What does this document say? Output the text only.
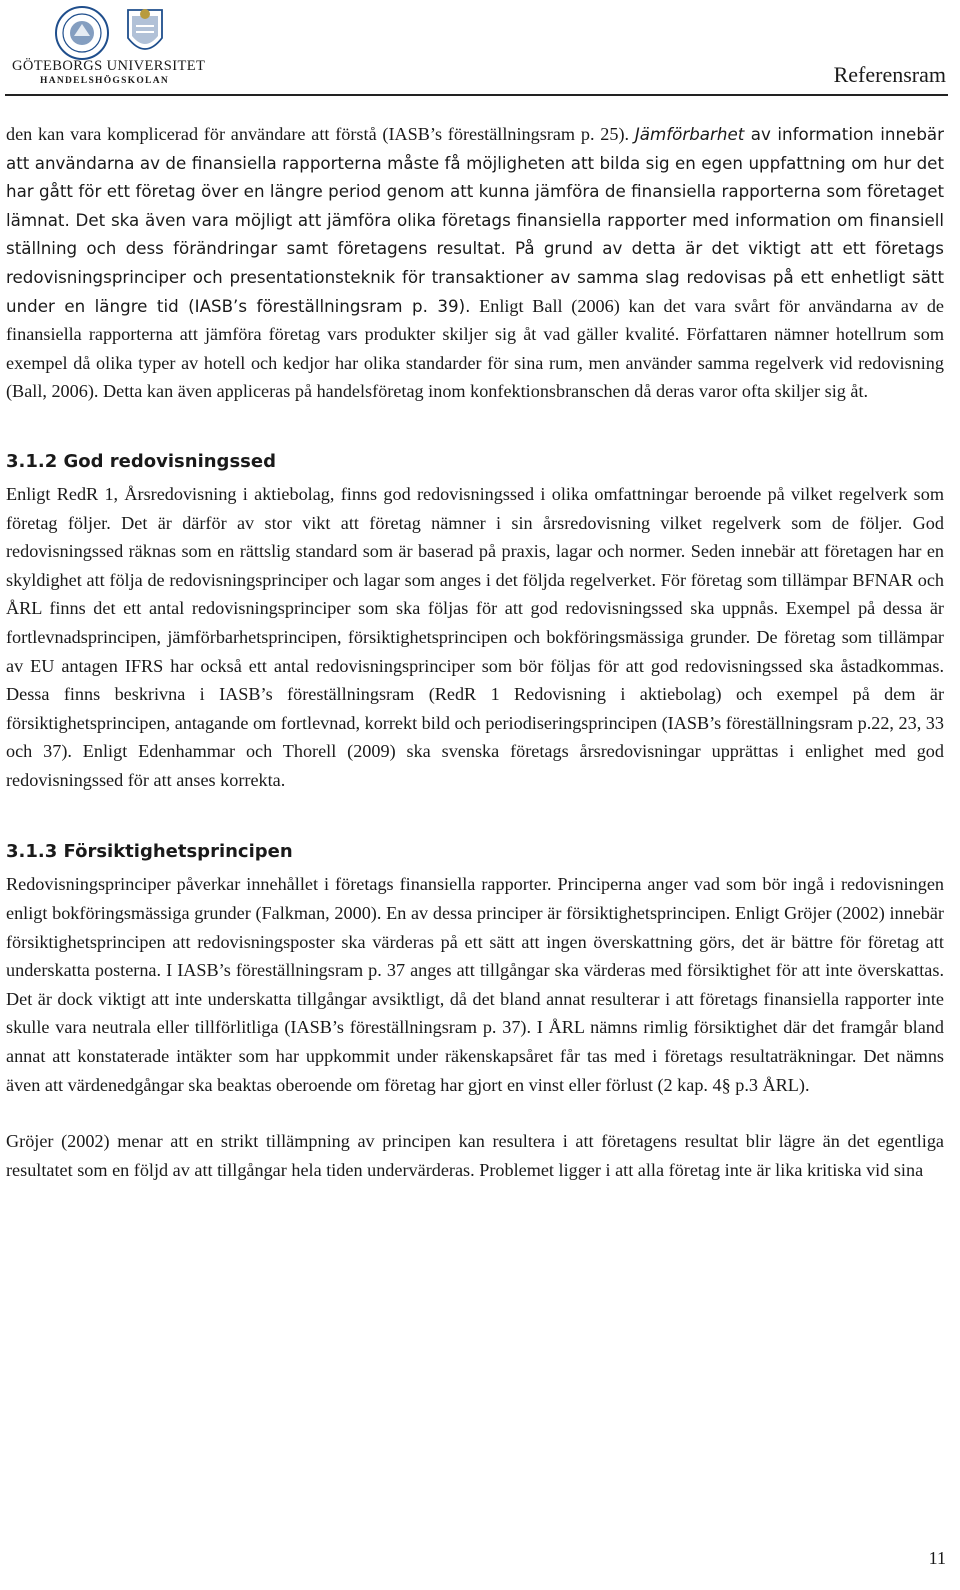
GÖTEBORGS UNIVERSITET
HANDELSHÖGSKOLAN	Referensram

den kan vara komplicerad för användare att förstå (IASB’s föreställningsram p. 25). Jämförbarhet av information innebär att användarna av de finansiella rapporterna måste få möjligheten att bilda sig en egen uppfattning om hur det har gått för ett företag över en längre period genom att kunna jämföra de finansiella rapporterna som företaget lämnat. Det ska även vara möjligt att jämföra olika företags finansiella rapporter med information om finansiell ställning och dess förändringar samt företagens resultat. På grund av detta är det viktigt att ett företags redovisningsprinciper och presentationsteknik för transaktioner av samma slag redovisas på ett enhetligt sätt under en längre tid (IASB’s föreställningsram p. 39). Enligt Ball (2006) kan det vara svårt för användarna av de finansiella rapporterna att jämföra företag vars produkter skiljer sig åt vad gäller kvalité. Författaren nämner hotellrum som exempel då olika typer av hotell och kedjor har olika standarder för sina rum, men använder samma regelverk vid redovisning (Ball, 2006). Detta kan även appliceras på handelsföretag inom konfektionsbranschen då deras varor ofta skiljer sig åt.

3.1.2 God redovisningssed

Enligt RedR 1, Årsredovisning i aktiebolag, finns god redovisningssed i olika omfattningar beroende på vilket regelverk som företag följer. Det är därför av stor vikt att företag nämner i sin årsredovisning vilket regelverk som de följer. God redovisningssed räknas som en rättslig standard som är baserad på praxis, lagar och normer. Seden innebär att företagen har en skyldighet att följa de redovisningsprinciper och lagar som anges i det följda regelverket. För företag som tillämpar BFNAR och ÅRL finns det ett antal redovisningsprinciper som ska följas för att god redovisningssed ska uppnås. Exempel på dessa är fortlevnadsprincipen, jämförbarhetsprincipen, försiktighetsprincipen och bokföringsmässiga grunder. De företag som tillämpar av EU antagen IFRS har också ett antal redovisningsprinciper som bör följas för att god redovisningssed ska åstadkommas. Dessa finns beskrivna i IASB’s föreställningsram (RedR 1 Redovisning i aktiebolag) och exempel på dem är försiktighetsprincipen, antagande om fortlevnad, korrekt bild och periodiseringsprincipen (IASB’s föreställningsram p.22, 23, 33 och 37). Enligt Edenhammar och Thorell (2009) ska svenska företags årsredovisningar upprättas i enlighet med god redovisningssed för att anses korrekta.

3.1.3 Försiktighetsprincipen

Redovisningsprinciper påverkar innehållet i företags finansiella rapporter. Principerna anger vad som bör ingå i redovisningen enligt bokföringsmässiga grunder (Falkman, 2000). En av dessa principer är försiktighetsprincipen. Enligt Gröjer (2002) innebär försiktighetsprincipen att redovisningsposter ska värderas på ett sätt att ingen överskattning görs, det är bättre för företag att underskatta posterna. I IASB’s föreställningsram p. 37 anges att tillgångar ska värderas med försiktighet för att inte överskattas. Det är dock viktigt att inte underskatta tillgångar avsiktligt, då det bland annat resulterar i att företags finansiella rapporter inte skulle vara neutrala eller tillförlitliga (IASB’s föreställningsram p. 37). I ÅRL nämns rimlig försiktighet där det framgår bland annat att konstaterade intäkter som har uppkommit under räkenskapsåret får tas med i företags resultaträkningar. Det nämns även att värdenedgångar ska beaktas oberoende om företag har gjort en vinst eller förlust (2 kap. 4§ p.3 ÅRL).

Gröjer (2002) menar att en strikt tillämpning av principen kan resultera i att företagens resultat blir lägre än det egentliga resultatet som en följd av att tillgångar hela tiden undervärderas. Problemet ligger i att alla företag inte är lika kritiska vid sina

11
